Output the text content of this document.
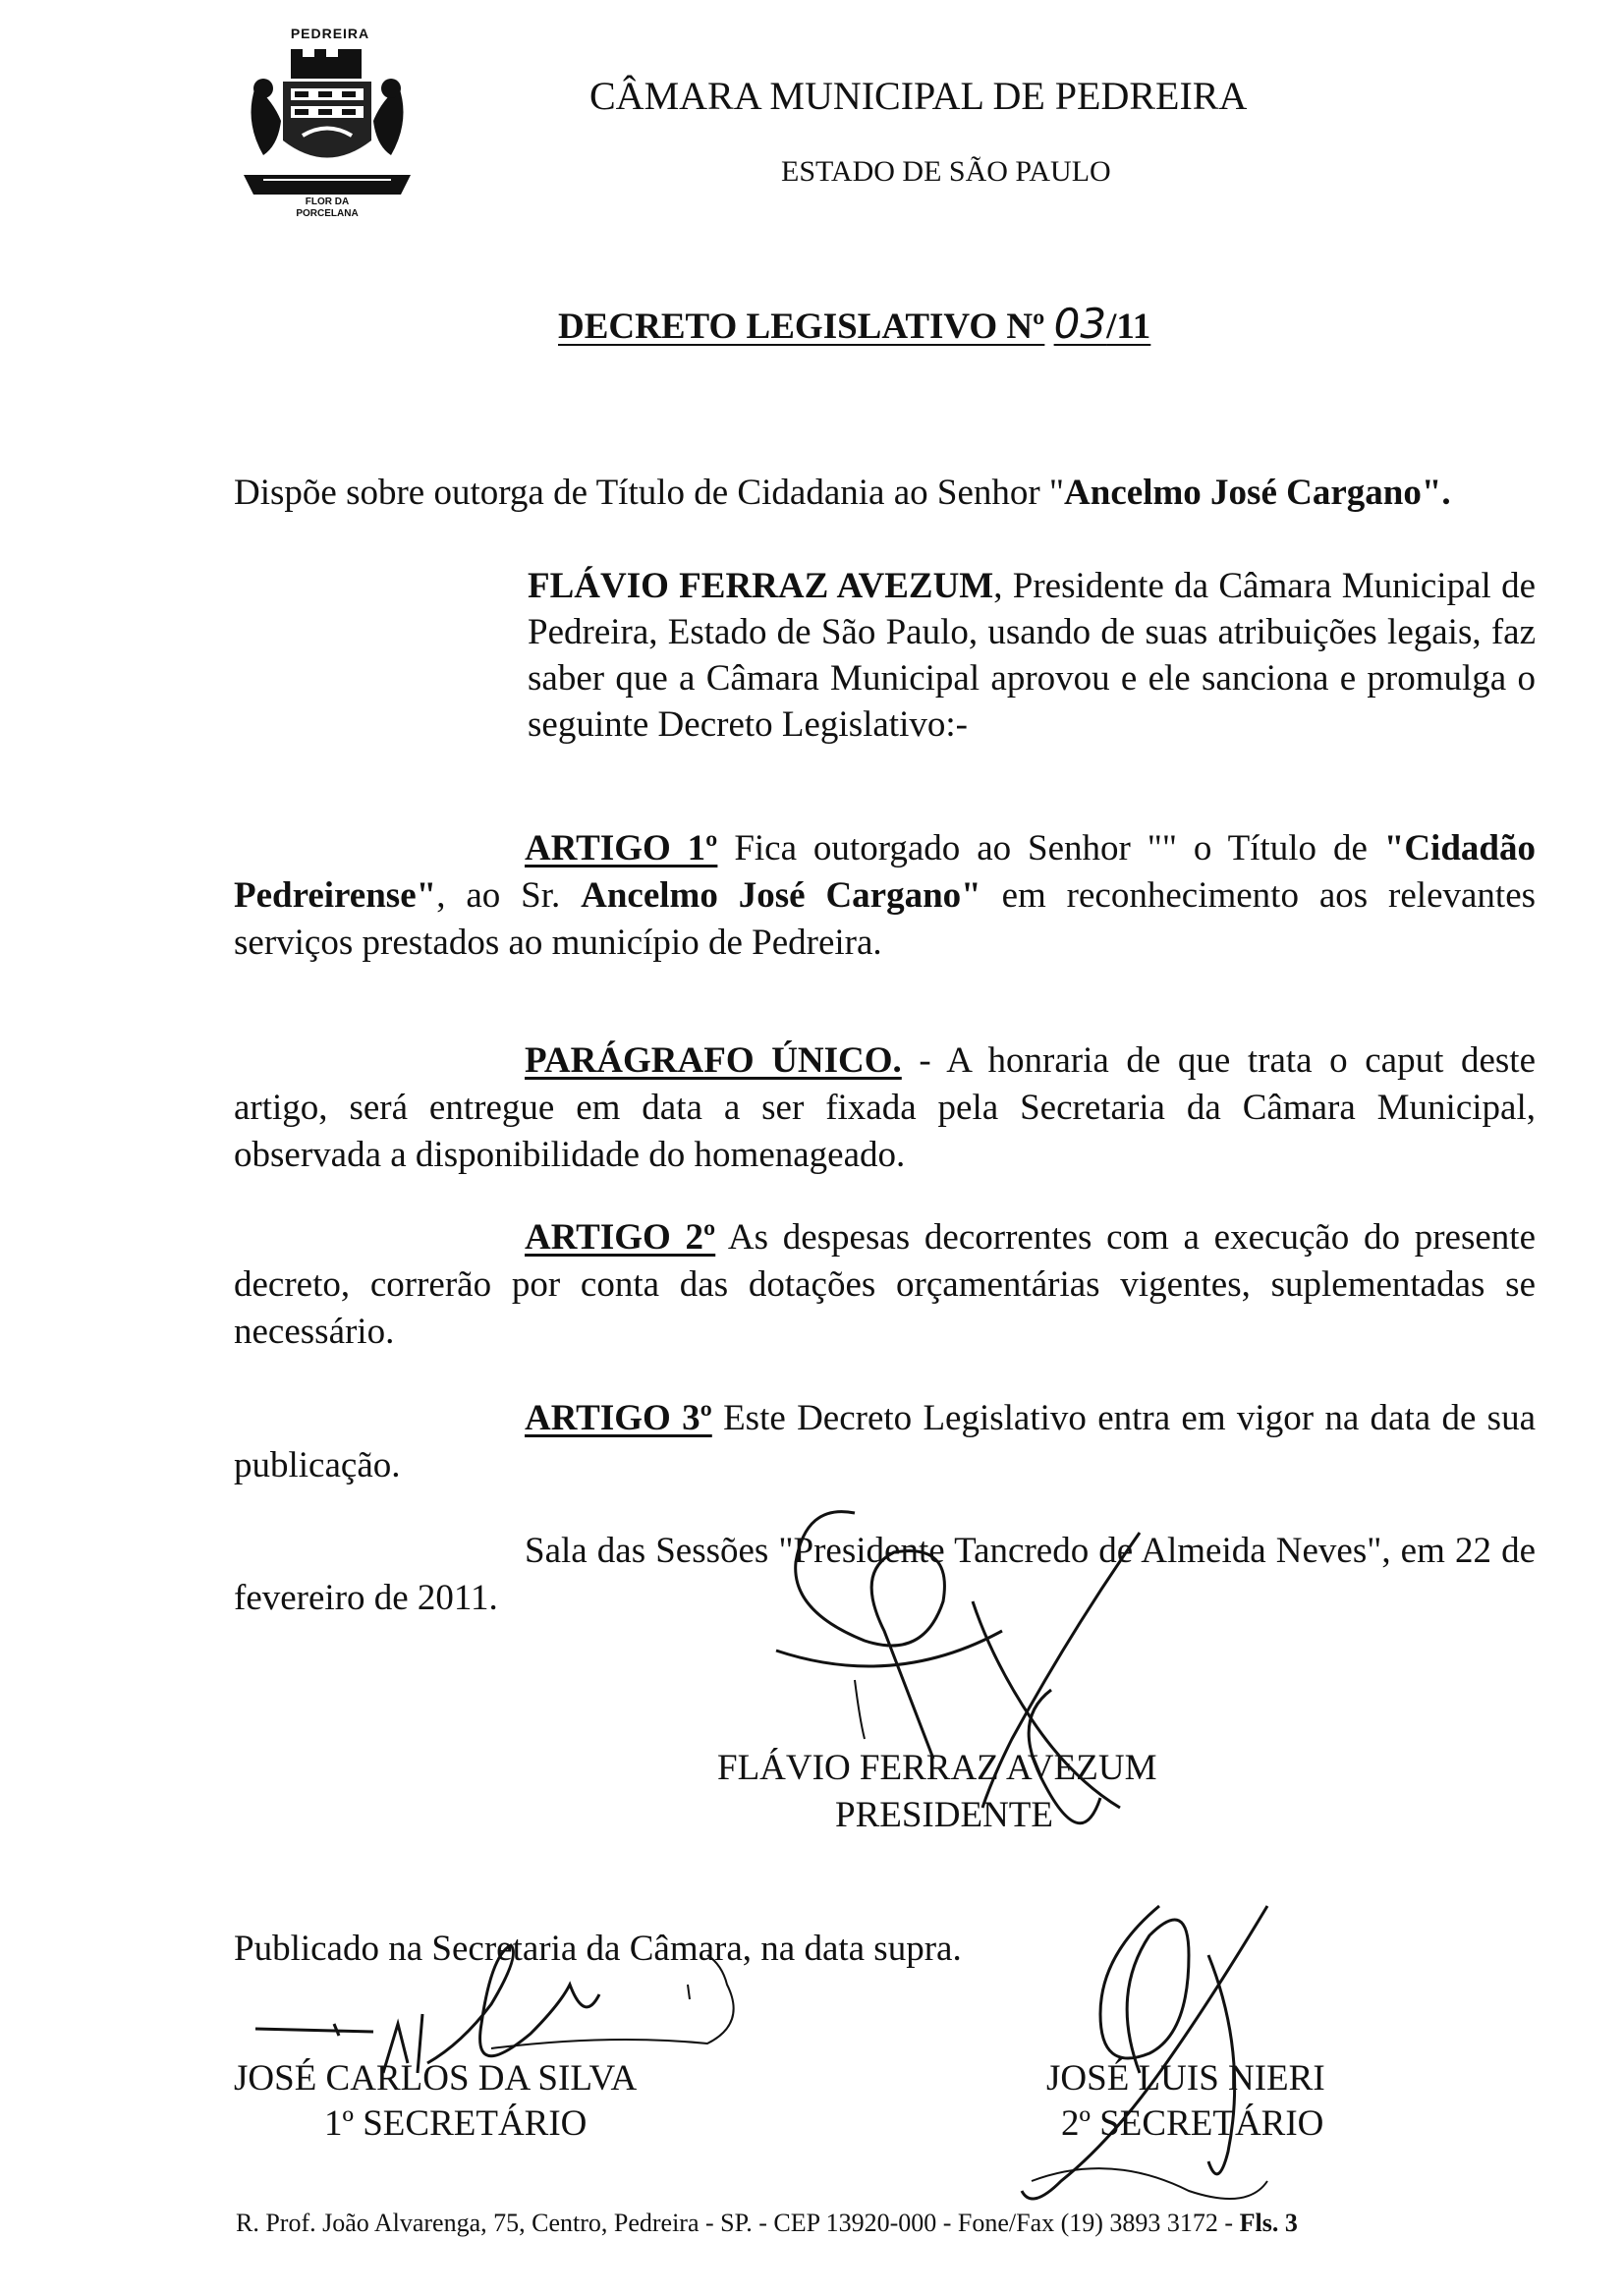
PEDREIRA
FLOR DA
PORCELANA
CÂMARA MUNICIPAL DE PEDREIRA
ESTADO DE SÃO PAULO
DECRETO LEGISLATIVO Nº 03/11
Dispõe sobre outorga de Título de Cidadania ao Senhor "Ancelmo José Cargano".
FLÁVIO FERRAZ AVEZUM, Presidente da Câmara Municipal de Pedreira, Estado de São Paulo, usando de suas atribuições legais, faz saber que a Câmara Municipal aprovou e ele sanciona e promulga o seguinte Decreto Legislativo:-
ARTIGO 1º Fica outorgado ao Senhor "" o Título de "Cidadão Pedreirense", ao Sr. Ancelmo José Cargano" em reconhecimento aos relevantes serviços prestados ao município de Pedreira.
PARÁGRAFO ÚNICO. - A honraria de que trata o caput deste artigo, será entregue em data a ser fixada pela Secretaria da Câmara Municipal, observada a disponibilidade do homenageado.
ARTIGO 2º As despesas decorrentes com a execução do presente decreto, correrão por conta das dotações orçamentárias vigentes, suplementadas se necessário.
ARTIGO 3º Este Decreto Legislativo entra em vigor na data de sua publicação.
Sala das Sessões "Presidente Tancredo de Almeida Neves", em 22 de fevereiro de 2011.
FLÁVIO FERRAZ AVEZUM
PRESIDENTE
Publicado na Secretaria da Câmara, na data supra.
JOSÉ CARLOS DA SILVA
1º SECRETÁRIO
JOSÉ LUIS NIERI
2º SECRETÁRIO
R. Prof. João Alvarenga, 75, Centro, Pedreira - SP. - CEP 13920-000 - Fone/Fax (19) 3893 3172 - Fls. 3
